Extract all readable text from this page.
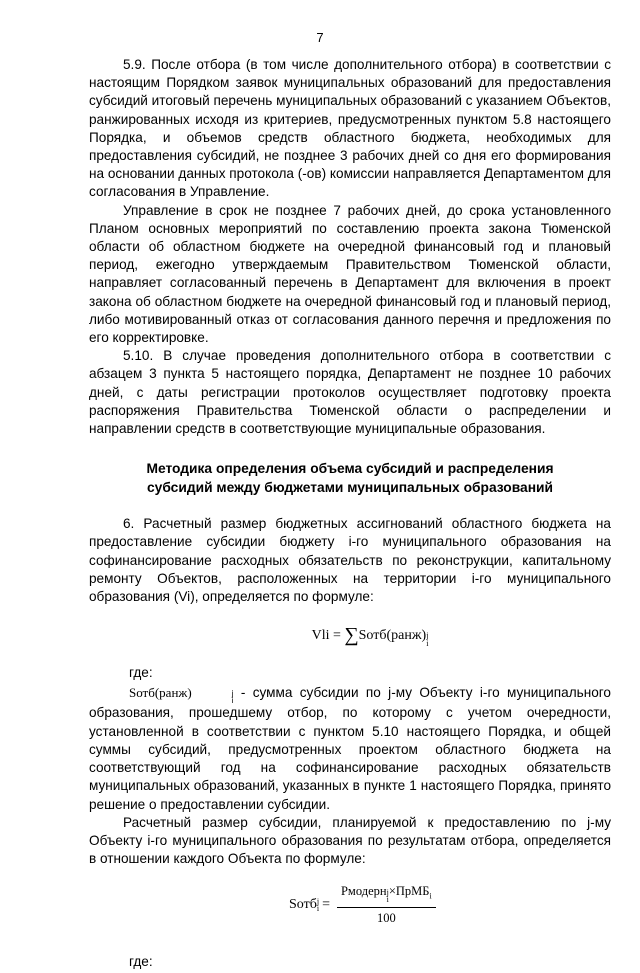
7

5.9. После отбора (в том числе дополнительного отбора) в соответствии с настоящим Порядком заявок муниципальных образований для предоставления субсидий итоговый перечень муниципальных образований с указанием Объектов, ранжированных исходя из критериев, предусмотренных пунктом 5.8 настоящего Порядка, и объемов средств областного бюджета, необходимых для предоставления субсидий, не позднее 3 рабочих дней со дня его формирования на основании данных протокола (-ов) комиссии направляется Департаментом для согласования в Управление.

Управление в срок не позднее 7 рабочих дней, до срока установленного Планом основных мероприятий по составлению проекта закона Тюменской области об областном бюджете на очередной финансовый год и плановый период, ежегодно утверждаемым Правительством Тюменской области, направляет согласованный перечень в Департамент для включения в проект закона об областном бюджете на очередной финансовый год и плановый период, либо мотивированный отказ от согласования данного перечня и предложения по его корректировке.

5.10. В случае проведения дополнительного отбора в соответствии с абзацем 3 пункта 5 настоящего порядка, Департамент не позднее 10 рабочих дней, с даты регистрации протоколов осуществляет подготовку проекта распоряжения Правительства Тюменской области о распределении и направлении средств в соответствующие муниципальные образования.

Методика определения объема субсидий и распределения
субсидий между бюджетами муниципальных образований

6. Расчетный размер бюджетных ассигнований областного бюджета на предоставление субсидии бюджету i-го муниципального образования на софинансирование расходных обязательств по реконструкции, капитальному ремонту Объектов, расположенных на территории i-го муниципального образования (Vi), определяется по формуле:

Vli = ∑Sотб(ранж) j
i
где:

Sотб(ранж)	j
i
- сумма субсидии по j-му Объекту i-го муниципального образования, прошедшему отбор, по которому с учетом очередности, установленной в соответствии с пунктом 5.10 настоящего Порядка, и общей суммы субсидий, предусмотренных проектом областного бюджета на соответствующий год на софинансирование расходных обязательств муниципальных образований, указанных в пункте 1 настоящего Порядка, принято решение о предоставлении субсидии.

Расчетный размер субсидии, планируемой к предоставлению по j-му Объекту i-го муниципального образования по результатам отбора, определяется в отношении каждого Объекта по формуле:

Sотб j
i = Рмодерн j
i
×ПрМБ$_i$
100
где:
